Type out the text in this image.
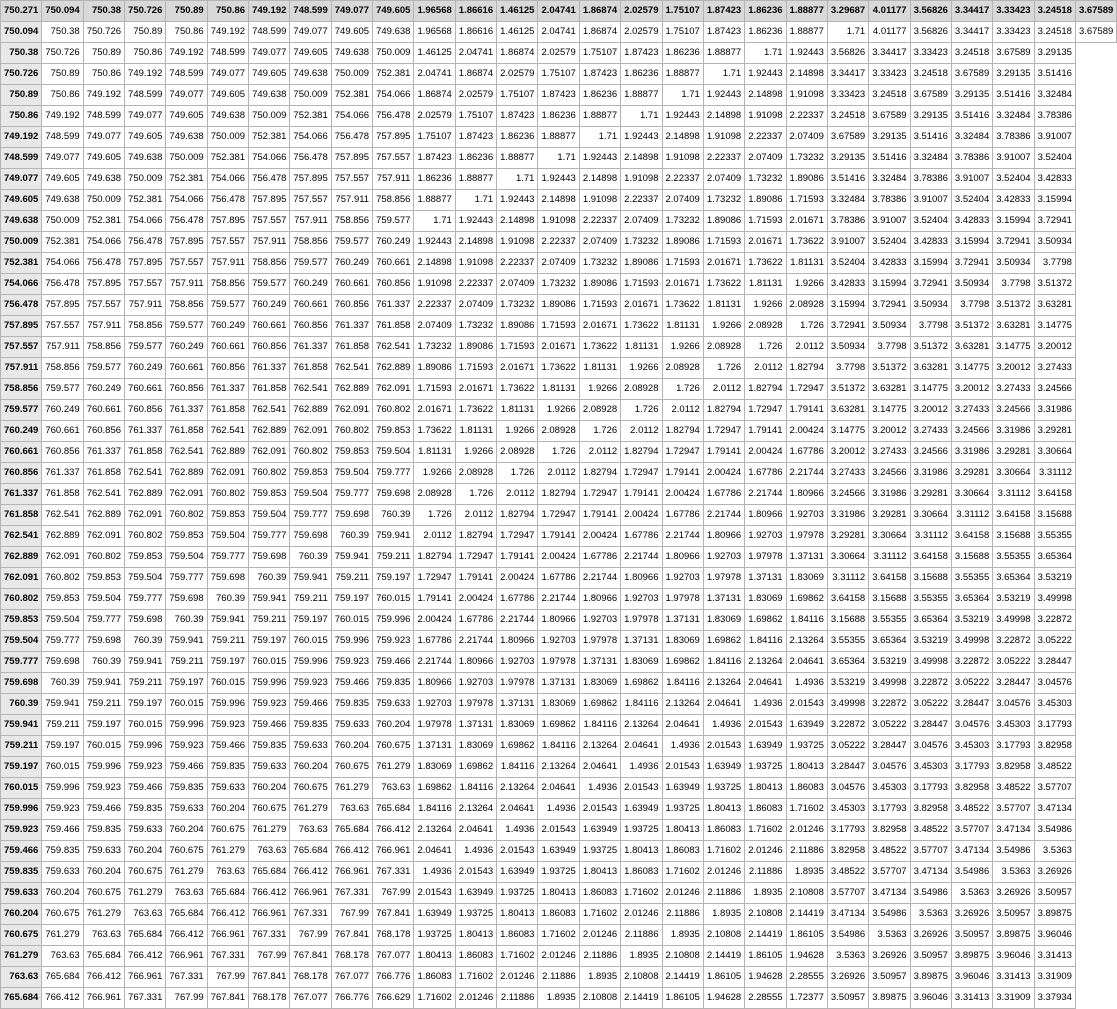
750.271	750.094	750.38	750.726	750.89	750.86	749.192	748.599	749.077	749.605	1.96568	1.86616	1.46125	2.04741	1.86874	2.02579	1.75107	1.87423	1.86236	1.88877	3.29687	4.01177	3.56826	3.34417	3.33423	3.24518	3.67589
750.094	750.38	750.726	750.89	750.86	749.192	748.599	749.077	749.605	749.638	1.96568	1.86616	1.46125	2.04741	1.86874	2.02579	1.75107	1.87423	1.86236	1.88877	1.71	4.01177	3.56826	3.34417	3.33423	3.24518	3.67589
750.38	750.726	750.89	750.86	749.192	748.599	749.077	749.605	749.638	750.009	1.46125	2.04741	1.86874	2.02579	1.75107	1.87423	1.86236	1.88877	1.71	1.92443	3.56826	3.34417	3.33423	3.24518	3.67589	3.29135	
750.726	750.89	750.86	749.192	748.599	749.077	749.605	749.638	750.009	752.381	2.04741	1.86874	2.02579	1.75107	1.87423	1.86236	1.88877	1.71	1.92443	2.14898	3.34417	3.33423	3.24518	3.67589	3.29135	3.51416	
750.89	750.86	749.192	748.599	749.077	749.605	749.638	750.009	752.381	754.066	1.86874	2.02579	1.75107	1.87423	1.86236	1.88877	1.71	1.92443	2.14898	1.91098	3.33423	3.24518	3.67589	3.29135	3.51416	3.32484	
750.86	749.192	748.599	749.077	749.605	749.638	750.009	752.381	754.066	756.478	2.02579	1.75107	1.87423	1.86236	1.88877	1.71	1.92443	2.14898	1.91098	2.22337	3.24518	3.67589	3.29135	3.51416	3.32484	3.78386	
749.192	748.599	749.077	749.605	749.638	750.009	752.381	754.066	756.478	757.895	1.75107	1.87423	1.86236	1.88877	1.71	1.92443	2.14898	1.91098	2.22337	2.07409	3.67589	3.29135	3.51416	3.32484	3.78386	3.91007	
748.599	749.077	749.605	749.638	750.009	752.381	754.066	756.478	757.895	757.557	1.87423	1.86236	1.88877	1.71	1.92443	2.14898	1.91098	2.22337	2.07409	1.73232	3.29135	3.51416	3.32484	3.78386	3.91007	3.52404	
749.077	749.605	749.638	750.009	752.381	754.066	756.478	757.895	757.557	757.911	1.86236	1.88877	1.71	1.92443	2.14898	1.91098	2.22337	2.07409	1.73232	1.89086	3.51416	3.32484	3.78386	3.91007	3.52404	3.42833	
749.605	749.638	750.009	752.381	754.066	756.478	757.895	757.557	757.911	758.856	1.88877	1.71	1.92443	2.14898	1.91098	2.22337	2.07409	1.73232	1.89086	1.71593	3.32484	3.78386	3.91007	3.52404	3.42833	3.15994	
749.638	750.009	752.381	754.066	756.478	757.895	757.557	757.911	758.856	759.577	1.71	1.92443	2.14898	1.91098	2.22337	2.07409	1.73232	1.89086	1.71593	2.01671	3.78386	3.91007	3.52404	3.42833	3.15994	3.72941	
750.009	752.381	754.066	756.478	757.895	757.557	757.911	758.856	759.577	760.249	1.92443	2.14898	1.91098	2.22337	2.07409	1.73232	1.89086	1.71593	2.01671	1.73622	3.91007	3.52404	3.42833	3.15994	3.72941	3.50934	
752.381	754.066	756.478	757.895	757.557	757.911	758.856	759.577	760.249	760.661	2.14898	1.91098	2.22337	2.07409	1.73232	1.89086	1.71593	2.01671	1.73622	1.81131	3.52404	3.42833	3.15994	3.72941	3.50934	3.7798	
754.066	756.478	757.895	757.557	757.911	758.856	759.577	760.249	760.661	760.856	1.91098	2.22337	2.07409	1.73232	1.89086	1.71593	2.01671	1.73622	1.81131	1.9266	3.42833	3.15994	3.72941	3.50934	3.7798	3.51372	
756.478	757.895	757.557	757.911	758.856	759.577	760.249	760.661	760.856	761.337	2.22337	2.07409	1.73232	1.89086	1.71593	2.01671	1.73622	1.81131	1.9266	2.08928	3.15994	3.72941	3.50934	3.7798	3.51372	3.63281	
757.895	757.557	757.911	758.856	759.577	760.249	760.661	760.856	761.337	761.858	2.07409	1.73232	1.89086	1.71593	2.01671	1.73622	1.81131	1.9266	2.08928	1.726	3.72941	3.50934	3.7798	3.51372	3.63281	3.14775	
757.557	757.911	758.856	759.577	760.249	760.661	760.856	761.337	761.858	762.541	1.73232	1.89086	1.71593	2.01671	1.73622	1.81131	1.9266	2.08928	1.726	2.0112	3.50934	3.7798	3.51372	3.63281	3.14775	3.20012	
757.911	758.856	759.577	760.249	760.661	760.856	761.337	761.858	762.541	762.889	1.89086	1.71593	2.01671	1.73622	1.81131	1.9266	2.08928	1.726	2.0112	1.82794	3.7798	3.51372	3.63281	3.14775	3.20012	3.27433	
758.856	759.577	760.249	760.661	760.856	761.337	761.858	762.541	762.889	762.091	1.71593	2.01671	1.73622	1.81131	1.9266	2.08928	1.726	2.0112	1.82794	1.72947	3.51372	3.63281	3.14775	3.20012	3.27433	3.24566	
759.577	760.249	760.661	760.856	761.337	761.858	762.541	762.889	762.091	760.802	2.01671	1.73622	1.81131	1.9266	2.08928	1.726	2.0112	1.82794	1.72947	1.79141	3.63281	3.14775	3.20012	3.27433	3.24566	3.31986	
760.249	760.661	760.856	761.337	761.858	762.541	762.889	762.091	760.802	759.853	1.73622	1.81131	1.9266	2.08928	1.726	2.0112	1.82794	1.72947	1.79141	2.00424	3.14775	3.20012	3.27433	3.24566	3.31986	3.29281	
760.661	760.856	761.337	761.858	762.541	762.889	762.091	760.802	759.853	759.504	1.81131	1.9266	2.08928	1.726	2.0112	1.82794	1.72947	1.79141	2.00424	1.67786	3.20012	3.27433	3.24566	3.31986	3.29281	3.30664	
760.856	761.337	761.858	762.541	762.889	762.091	760.802	759.853	759.504	759.777	1.9266	2.08928	1.726	2.0112	1.82794	1.72947	1.79141	2.00424	1.67786	2.21744	3.27433	3.24566	3.31986	3.29281	3.30664	3.31112	
761.337	761.858	762.541	762.889	762.091	760.802	759.853	759.504	759.777	759.698	2.08928	1.726	2.0112	1.82794	1.72947	1.79141	2.00424	1.67786	2.21744	1.80966	3.24566	3.31986	3.29281	3.30664	3.31112	3.64158	
761.858	762.541	762.889	762.091	760.802	759.853	759.504	759.777	759.698	760.39	1.726	2.0112	1.82794	1.72947	1.79141	2.00424	1.67786	2.21744	1.80966	1.92703	3.31986	3.29281	3.30664	3.31112	3.64158	3.15688	
762.541	762.889	762.091	760.802	759.853	759.504	759.777	759.698	760.39	759.941	2.0112	1.82794	1.72947	1.79141	2.00424	1.67786	2.21744	1.80966	1.92703	1.97978	3.29281	3.30664	3.31112	3.64158	3.15688	3.55355	
762.889	762.091	760.802	759.853	759.504	759.777	759.698	760.39	759.941	759.211	1.82794	1.72947	1.79141	2.00424	1.67786	2.21744	1.80966	1.92703	1.97978	1.37131	3.30664	3.31112	3.64158	3.15688	3.55355	3.65364	
762.091	760.802	759.853	759.504	759.777	759.698	760.39	759.941	759.211	759.197	1.72947	1.79141	2.00424	1.67786	2.21744	1.80966	1.92703	1.97978	1.37131	1.83069	3.31112	3.64158	3.15688	3.55355	3.65364	3.53219	
760.802	759.853	759.504	759.777	759.698	760.39	759.941	759.211	759.197	760.015	1.79141	2.00424	1.67786	2.21744	1.80966	1.92703	1.97978	1.37131	1.83069	1.69862	3.64158	3.15688	3.55355	3.65364	3.53219	3.49998	
759.853	759.504	759.777	759.698	760.39	759.941	759.211	759.197	760.015	759.996	2.00424	1.67786	2.21744	1.80966	1.92703	1.97978	1.37131	1.83069	1.69862	1.84116	3.15688	3.55355	3.65364	3.53219	3.49998	3.22872	
759.504	759.777	759.698	760.39	759.941	759.211	759.197	760.015	759.996	759.923	1.67786	2.21744	1.80966	1.92703	1.97978	1.37131	1.83069	1.69862	1.84116	2.13264	3.55355	3.65364	3.53219	3.49998	3.22872	3.05222	
759.777	759.698	760.39	759.941	759.211	759.197	760.015	759.996	759.923	759.466	2.21744	1.80966	1.92703	1.97978	1.37131	1.83069	1.69862	1.84116	2.13264	2.04641	3.65364	3.53219	3.49998	3.22872	3.05222	3.28447	
759.698	760.39	759.941	759.211	759.197	760.015	759.996	759.923	759.466	759.835	1.80966	1.92703	1.97978	1.37131	1.83069	1.69862	1.84116	2.13264	2.04641	1.4936	3.53219	3.49998	3.22872	3.05222	3.28447	3.04576	
760.39	759.941	759.211	759.197	760.015	759.996	759.923	759.466	759.835	759.633	1.92703	1.97978	1.37131	1.83069	1.69862	1.84116	2.13264	2.04641	1.4936	2.01543	3.49998	3.22872	3.05222	3.28447	3.04576	3.45303	
759.941	759.211	759.197	760.015	759.996	759.923	759.466	759.835	759.633	760.204	1.97978	1.37131	1.83069	1.69862	1.84116	2.13264	2.04641	1.4936	2.01543	1.63949	3.22872	3.05222	3.28447	3.04576	3.45303	3.17793	
759.211	759.197	760.015	759.996	759.923	759.466	759.835	759.633	760.204	760.675	1.37131	1.83069	1.69862	1.84116	2.13264	2.04641	1.4936	2.01543	1.63949	1.93725	3.05222	3.28447	3.04576	3.45303	3.17793	3.82958	
759.197	760.015	759.996	759.923	759.466	759.835	759.633	760.204	760.675	761.279	1.83069	1.69862	1.84116	2.13264	2.04641	1.4936	2.01543	1.63949	1.93725	1.80413	3.28447	3.04576	3.45303	3.17793	3.82958	3.48522	
760.015	759.996	759.923	759.466	759.835	759.633	760.204	760.675	761.279	763.63	1.69862	1.84116	2.13264	2.04641	1.4936	2.01543	1.63949	1.93725	1.80413	1.86083	3.04576	3.45303	3.17793	3.82958	3.48522	3.57707	
759.996	759.923	759.466	759.835	759.633	760.204	760.675	761.279	763.63	765.684	1.84116	2.13264	2.04641	1.4936	2.01543	1.63949	1.93725	1.80413	1.86083	1.71602	3.45303	3.17793	3.82958	3.48522	3.57707	3.47134	
759.923	759.466	759.835	759.633	760.204	760.675	761.279	763.63	765.684	766.412	2.13264	2.04641	1.4936	2.01543	1.63949	1.93725	1.80413	1.86083	1.71602	2.01246	3.17793	3.82958	3.48522	3.57707	3.47134	3.54986	
759.466	759.835	759.633	760.204	760.675	761.279	763.63	765.684	766.412	766.961	2.04641	1.4936	2.01543	1.63949	1.93725	1.80413	1.86083	1.71602	2.01246	2.11886	3.82958	3.48522	3.57707	3.47134	3.54986	3.5363	
759.835	759.633	760.204	760.675	761.279	763.63	765.684	766.412	766.961	767.331	1.4936	2.01543	1.63949	1.93725	1.80413	1.86083	1.71602	2.01246	2.11886	1.8935	3.48522	3.57707	3.47134	3.54986	3.5363	3.26926	
759.633	760.204	760.675	761.279	763.63	765.684	766.412	766.961	767.331	767.99	2.01543	1.63949	1.93725	1.80413	1.86083	1.71602	2.01246	2.11886	1.8935	2.10808	3.57707	3.47134	3.54986	3.5363	3.26926	3.50957	
760.204	760.675	761.279	763.63	765.684	766.412	766.961	767.331	767.99	767.841	1.63949	1.93725	1.80413	1.86083	1.71602	2.01246	2.11886	1.8935	2.10808	2.14419	3.47134	3.54986	3.5363	3.26926	3.50957	3.89875	
760.675	761.279	763.63	765.684	766.412	766.961	767.331	767.99	767.841	768.178	1.93725	1.80413	1.86083	1.71602	2.01246	2.11886	1.8935	2.10808	2.14419	1.86105	3.54986	3.5363	3.26926	3.50957	3.89875	3.96046	
761.279	763.63	765.684	766.412	766.961	767.331	767.99	767.841	768.178	767.077	1.80413	1.86083	1.71602	2.01246	2.11886	1.8935	2.10808	2.14419	1.86105	1.94628	3.5363	3.26926	3.50957	3.89875	3.96046	3.31413	
763.63	765.684	766.412	766.961	767.331	767.99	767.841	768.178	767.077	766.776	1.86083	1.71602	2.01246	2.11886	1.8935	2.10808	2.14419	1.86105	1.94628	2.28555	3.26926	3.50957	3.89875	3.96046	3.31413	3.31909	
765.684	766.412	766.961	767.331	767.99	767.841	768.178	767.077	766.776	766.629	1.71602	2.01246	2.11886	1.8935	2.10808	2.14419	1.86105	1.94628	2.28555	1.72377	3.50957	3.89875	3.96046	3.31413	3.31909	3.37934	
